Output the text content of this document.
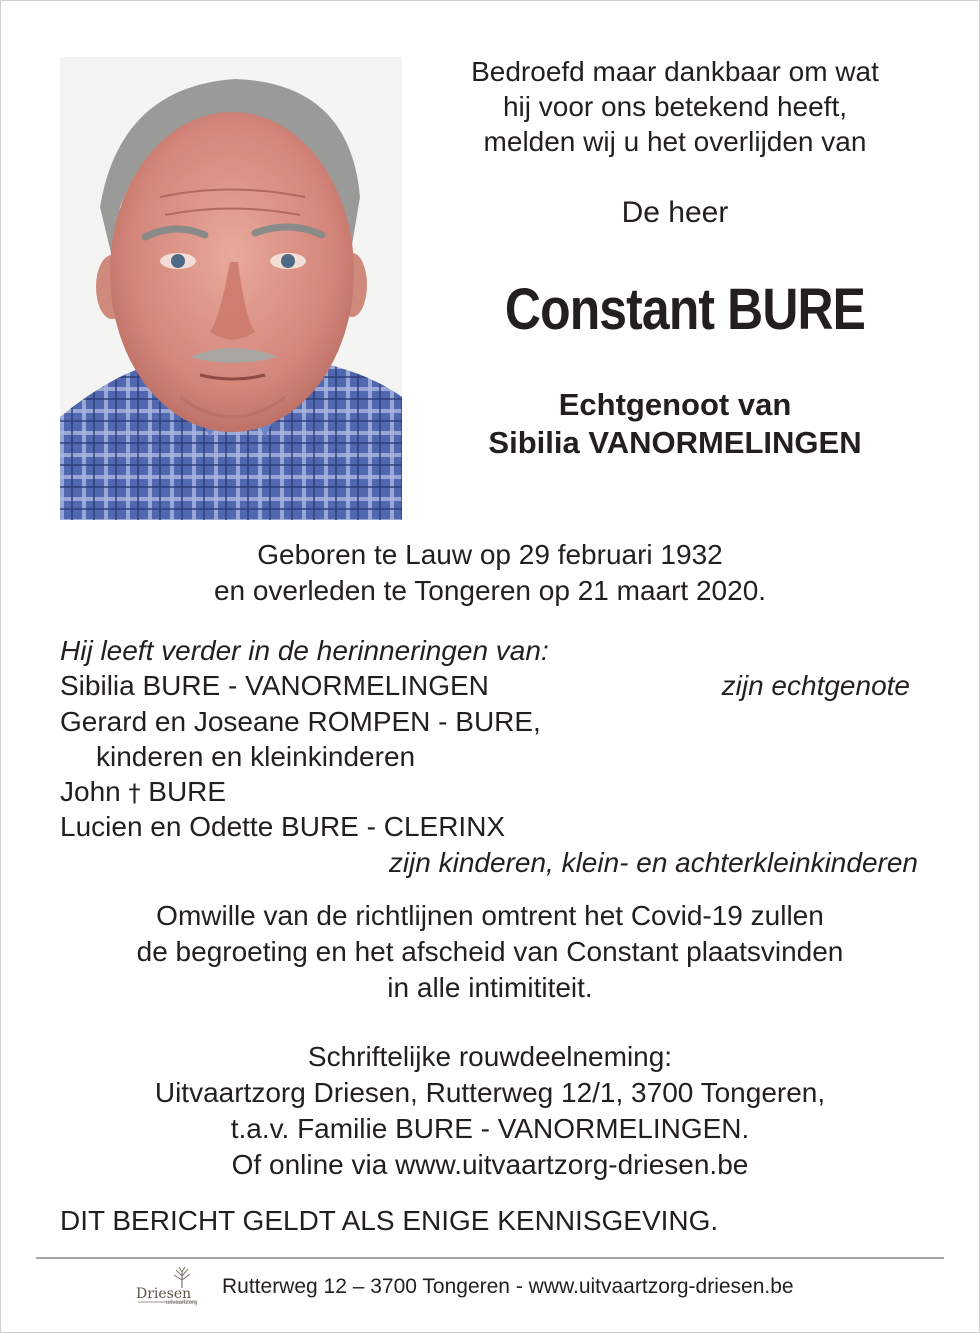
Bedroefd maar dankbaar om wat
hij voor ons betekend heeft,
melden wij u het overlijden van
De heer
Constant BURE
Echtgenoot van
Sibilia VANORMELINGEN
Geboren te Lauw op 29 februari 1932
en overleden te Tongeren op 21 maart 2020.
Hij leeft verder in de herinneringen van:
Sibilia BURE - VANORMELINGEN	zijn echtgenote
Gerard en Joseane ROMPEN - BURE,
kinderen en kleinkinderen
John † BURE
Lucien en Odette BURE - CLERINX
zijn kinderen, klein- en achterkleinkinderen
Omwille van de richtlijnen omtrent het Covid-19 zullen
de begroeting en het afscheid van Constant plaatsvinden
in alle intimititeit.
Schriftelijke rouwdeelneming:
Uitvaartzorg Driesen, Rutterweg 12/1, 3700 Tongeren,
t.a.v. Familie BURE - VANORMELINGEN.
Of online via www.uitvaartzorg-driesen.be
DIT BERICHT GELDT ALS ENIGE KENNISGEVING.
Driesen
uitvaartzorg
Rutterweg 12 – 3700 Tongeren - www.uitvaartzorg-driesen.be
